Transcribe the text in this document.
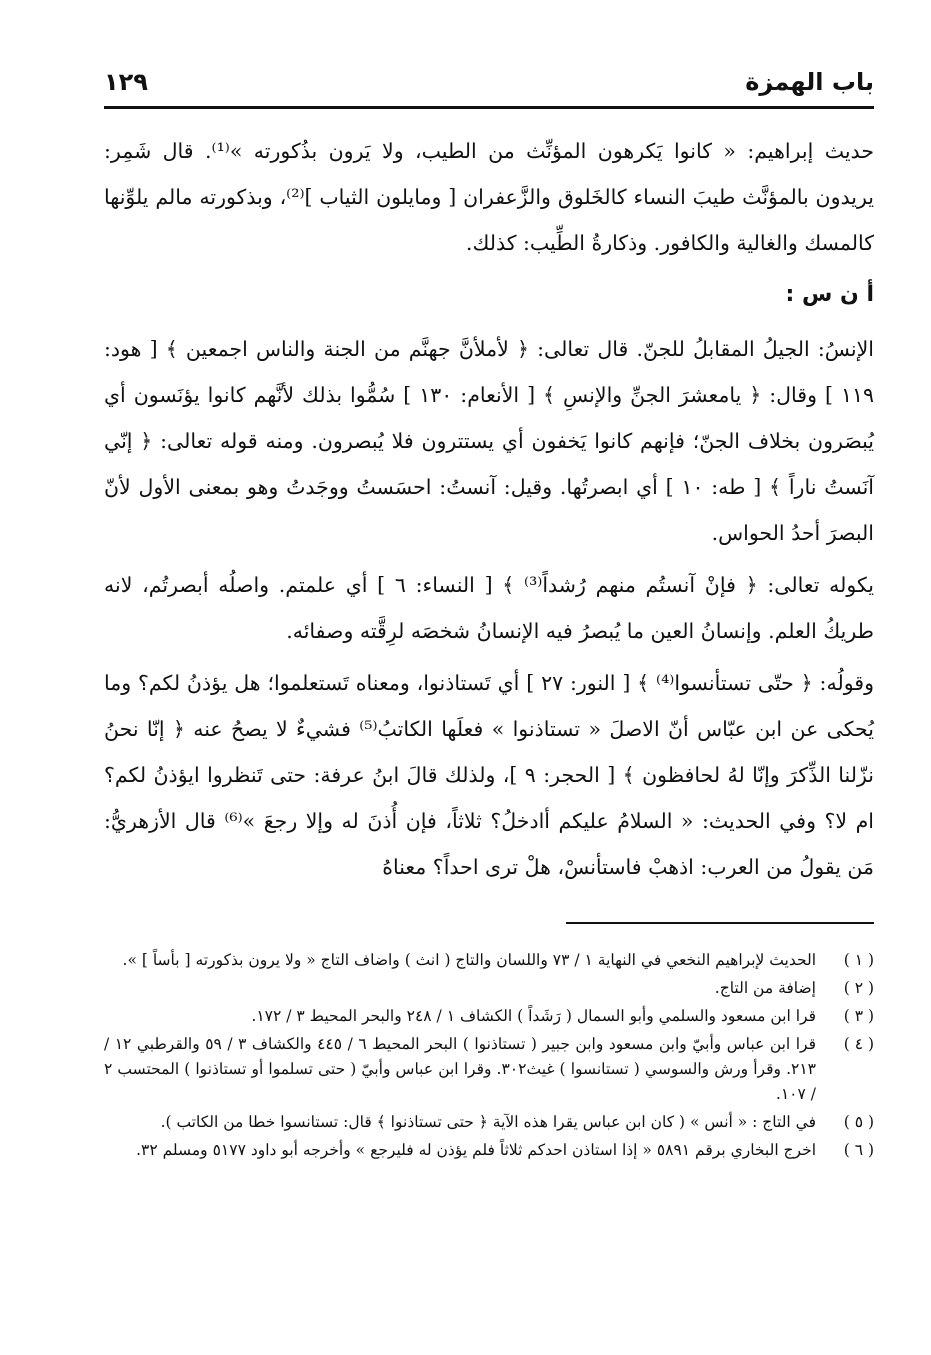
باب الهمزة
١٢٩

حديث إبراهيم: « كانوا يَكرهون المؤنِّث من الطيب، ولا يَرون بذُكورته »⁽¹⁾. قال شَمِر: يريدون بالمؤنَّث طيبَ النساء كالخَلوق والزَّعفران [ ومايلون الثياب ]⁽²⁾، وبذكورته مالم يلوِّنها كالمسك والغالية والكافور. وذكارةُ الطِّيب: كذلك.

أ ن س :

الإنسُ: الجيلُ المقابلُ للجنّ. قال تعالى: ﴿ لأملأنَّ جهنَّم من الجنة والناس اجمعين ﴾ [ هود: ١١٩ ] وقال: ﴿ يامعشرَ الجنِّ والإنسِ ﴾ [ الأنعام: ١٣٠ ] سُمُّوا بذلك لأنَّهم كانوا يؤنَسون أي يُبصَرون بخلاف الجنّ؛ فإنهم كانوا يَخفون أي يستترون فلا يُبصرون. ومنه قوله تعالى: ﴿ إنّي آنَستُ ناراً ﴾ [ طه: ١٠ ] أي ابصرتُها. وقيل: آنستُ: احسَستُ ووجَدتُ وهو بمعنى الأول لأنّ البصرَ أحدُ الحواس.

يكوله تعالى: ﴿ فإنْ آنستُم منهم رُشداً⁽³⁾ ﴾ [ النساء: ٦ ] أي علمتم. واصلُه أبصرتُم، لانه طريكُ العلم. وإنسانُ العين ما يُبصرُ فيه الإنسانُ شخصَه لرِقَّته وصفائه.

وقولُه: ﴿ حتّى تستأنسوا⁽⁴⁾ ﴾ [ النور: ٢٧ ] أي تَستاذنوا، ومعناه تَستعلموا؛ هل يؤذنُ لكم؟ وما يُحكى عن ابن عبّاس أنّ الاصلَ « تستاذنوا » فعلَها الكاتبُ⁽⁵⁾ فشيءٌ لا يصحُ عنه ﴿ إنّا نحنُ نزّلنا الذِّكرَ وإنّا لهُ لحافظون ﴾ [ الحجر: ٩ ]، ولذلك قالَ ابنُ عرفة: حتى تَنظروا ايؤذنُ لكم؟ ام لا؟ وفي الحديث: « السلامُ عليكم أادخلُ؟ ثلاثاً، فإن أُذنَ له وإلا رجعَ »⁽⁶⁾ قال الأزهريُّ: مَن يقولُ من العرب: اذهبْ فاستأنسْ، هلْ ترى احداً؟ معناهُ

( ١ )
الحديث لإبراهيم النخعي في النهاية ١ / ٧٣ واللسان والتاج ( انث ) واضاف التاج « ولا يرون بذكورته [ بأساً ] ».
( ٢ )
إضافة من التاج.
( ٣ )
قرا ابن مسعود والسلمي وأبو السمال ( رَشَداً ) الكشاف ١ / ٢٤٨ والبحر المحيط ٣ / ١٧٢.
( ٤ )
قرا ابن عباس وأبيّ وابن مسعود وابن جبير ( تستاذنوا ) البحر المحيط ٦ / ٤٤٥ والكشاف ٣ / ٥٩ والقرطبي ١٢ / ٢١٣. وقرأ ورش والسوسي ( تستانسوا ) غيث٣٠٢. وقرا ابن عباس وأبيّ ( حتى تسلموا أو تستاذنوا ) المحتسب ٢ / ١٠٧.
( ٥ )
في التاج : « أنس » ( كان ابن عباس يقرا هذه الآية ﴿ حتى تستاذنوا ﴾ قال: تستانسوا خطا من الكاتب ).
( ٦ )
اخرج البخاري برقم ٥٨٩١ « إذا استاذن احدكم ثلاثاً فلم يؤذن له فليرجع » وأخرجه أبو داود ٥١٧٧ ومسلم ٣٢.
